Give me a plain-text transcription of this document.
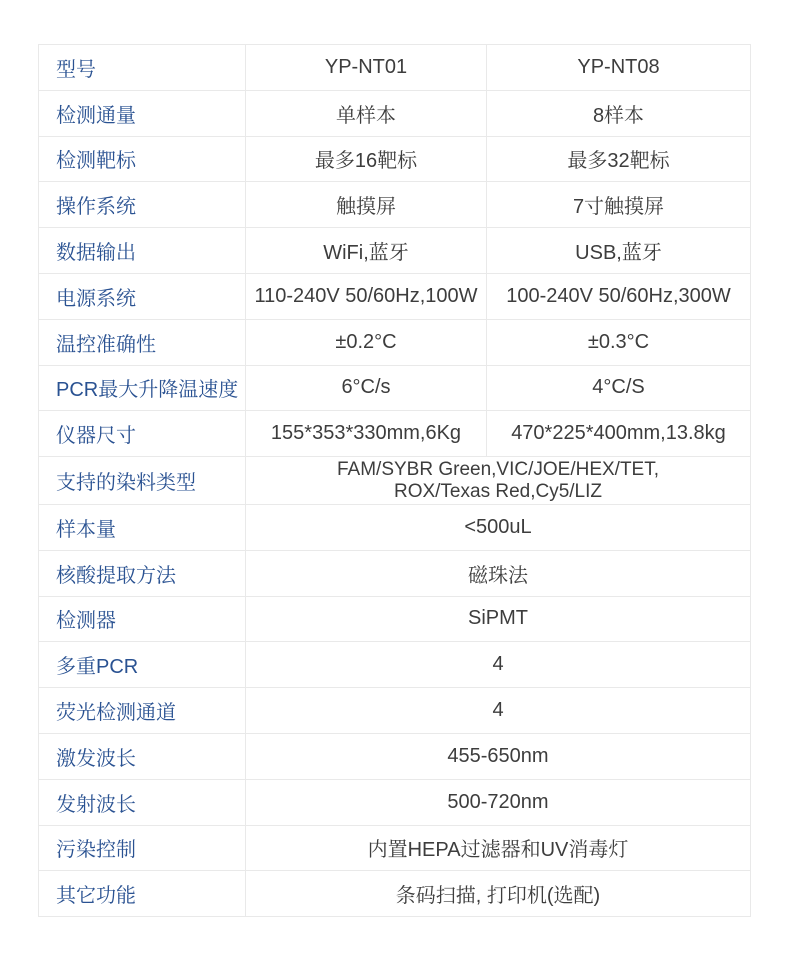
型号	YP-NT01	YP-NT08
检测通量	单样本	8样本
检测靶标	最多16靶标	最多32靶标
操作系统	触摸屏	7寸触摸屏
数据输出	WiFi,蓝牙	USB,蓝牙
电源系统	110-240V 50/60Hz,100W	100-240V 50/60Hz,300W
温控准确性	±0.2°C	±0.3°C
PCR最大升降温速度	6°C/s	4°C/S
仪器尺寸	155*353*330mm,6Kg	470*225*400mm,13.8kg
支持的染料类型	FAM/SYBR Green,VIC/JOE/HEX/TET,
ROX/Texas Red,Cy5/LIZ	

样本量	<500uL	

核酸提取方法	磁珠法	

检测器	SiPMT	

多重PCR	4	

荧光检测通道	4	

激发波长	455-650nm	

发射波长	500-720nm	

污染控制	内置HEPA过滤器和UV消毒灯	

其它功能	条码扫描, 打印机(选配)	
